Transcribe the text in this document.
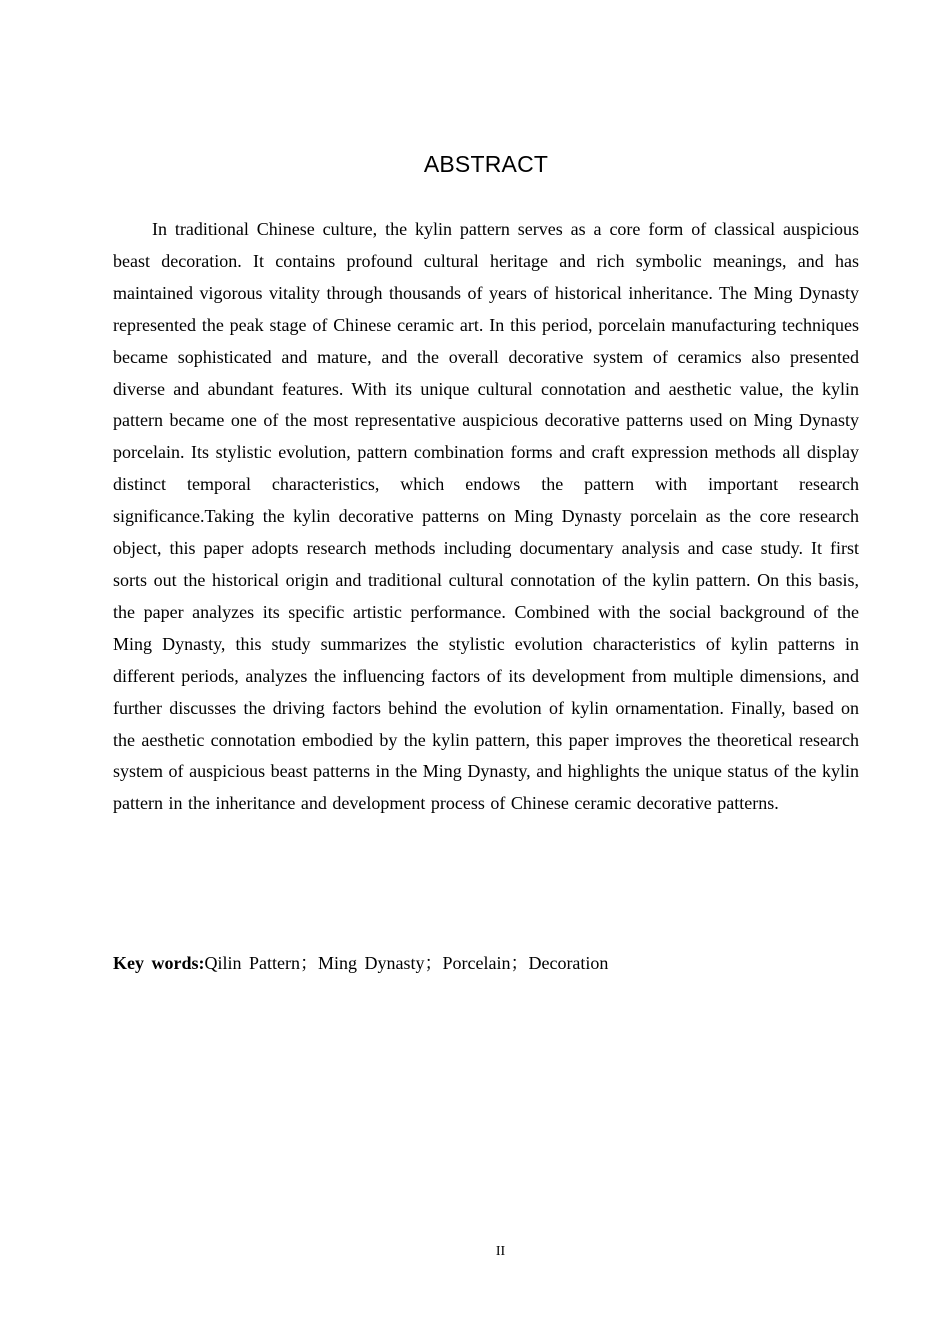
ABSTRACT

In traditional Chinese culture, the kylin pattern serves as a core form of classical auspicious beast decoration. It contains profound cultural heritage and rich symbolic meanings, and has maintained vigorous vitality through thousands of years of historical inheritance. The Ming Dynasty represented the peak stage of Chinese ceramic art. In this period, porcelain manufacturing techniques became sophisticated and mature, and the overall decorative system of ceramics also presented diverse and abundant features. With its unique cultural connotation and aesthetic value, the kylin pattern became one of the most representative auspicious decorative patterns used on Ming Dynasty porcelain. Its stylistic evolution, pattern combination forms and craft expression methods all display distinct temporal characteristics, which endows the pattern with important research significance.Taking the kylin decorative patterns on Ming Dynasty porcelain as the core research object, this paper adopts research methods including documentary analysis and case study. It first sorts out the historical origin and traditional cultural connotation of the kylin pattern. On this basis, the paper analyzes its specific artistic performance. Combined with the social background of the Ming Dynasty, this study summarizes the stylistic evolution characteristics of kylin patterns in different periods, analyzes the influencing factors of its development from multiple dimensions, and further discusses the driving factors behind the evolution of kylin ornamentation. Finally, based on the aesthetic connotation embodied by the kylin pattern, this paper improves the theoretical research system of auspicious beast patterns in the Ming Dynasty, and highlights the unique status of the kylin pattern in the inheritance and development process of Chinese ceramic decorative patterns.

Key words:Qilin Pattern；Ming Dynasty；Porcelain；Decoration

II
